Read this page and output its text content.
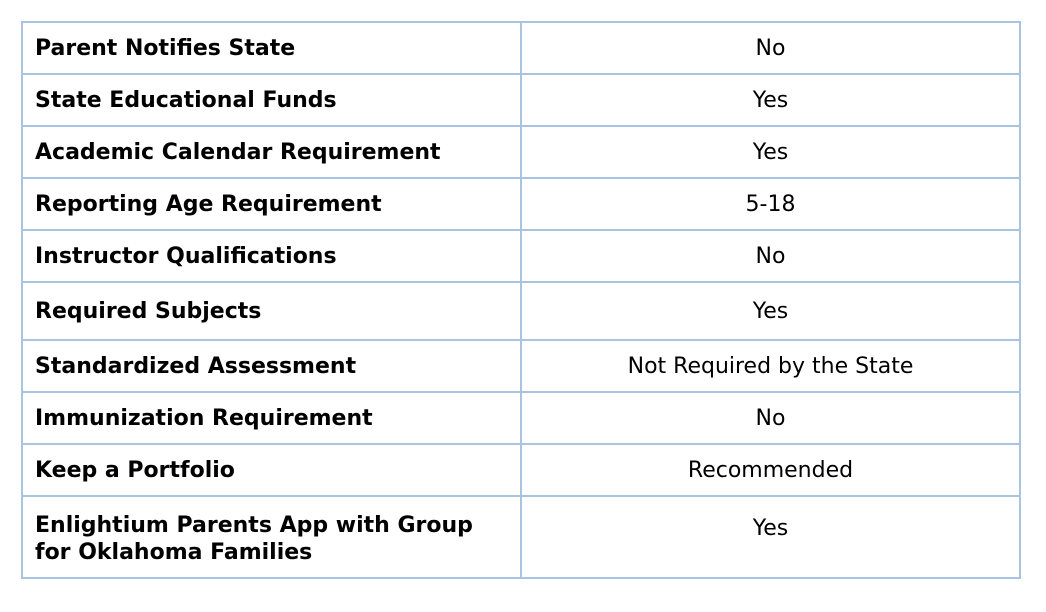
Parent Notifies State	No
State Educational Funds	Yes
Academic Calendar Requirement	Yes
Reporting Age Requirement	5-18
Instructor Qualifications	No
Required Subjects	Yes
Standardized Assessment	Not Required by the State
Immunization Requirement	No
Keep a Portfolio	Recommended
Enlightium Parents App with Group for Oklahoma Families	Yes
